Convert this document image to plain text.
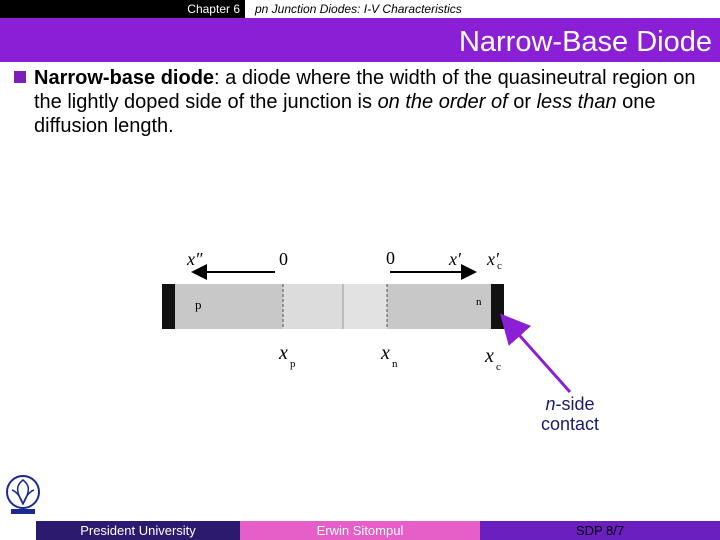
Chapter 6	pn Junction Diodes: I-V Characteristics
Narrow-Base Diode
Narrow-base diode: a diode where the width of the quasineutral region on the lightly doped side of the junction is on the order of or less than one diffusion length.
x″	0	0	x′ x′
c
p	n
x p	x n	x c
n-side
contact
President University	Erwin Sitompul	SDP 8/7
